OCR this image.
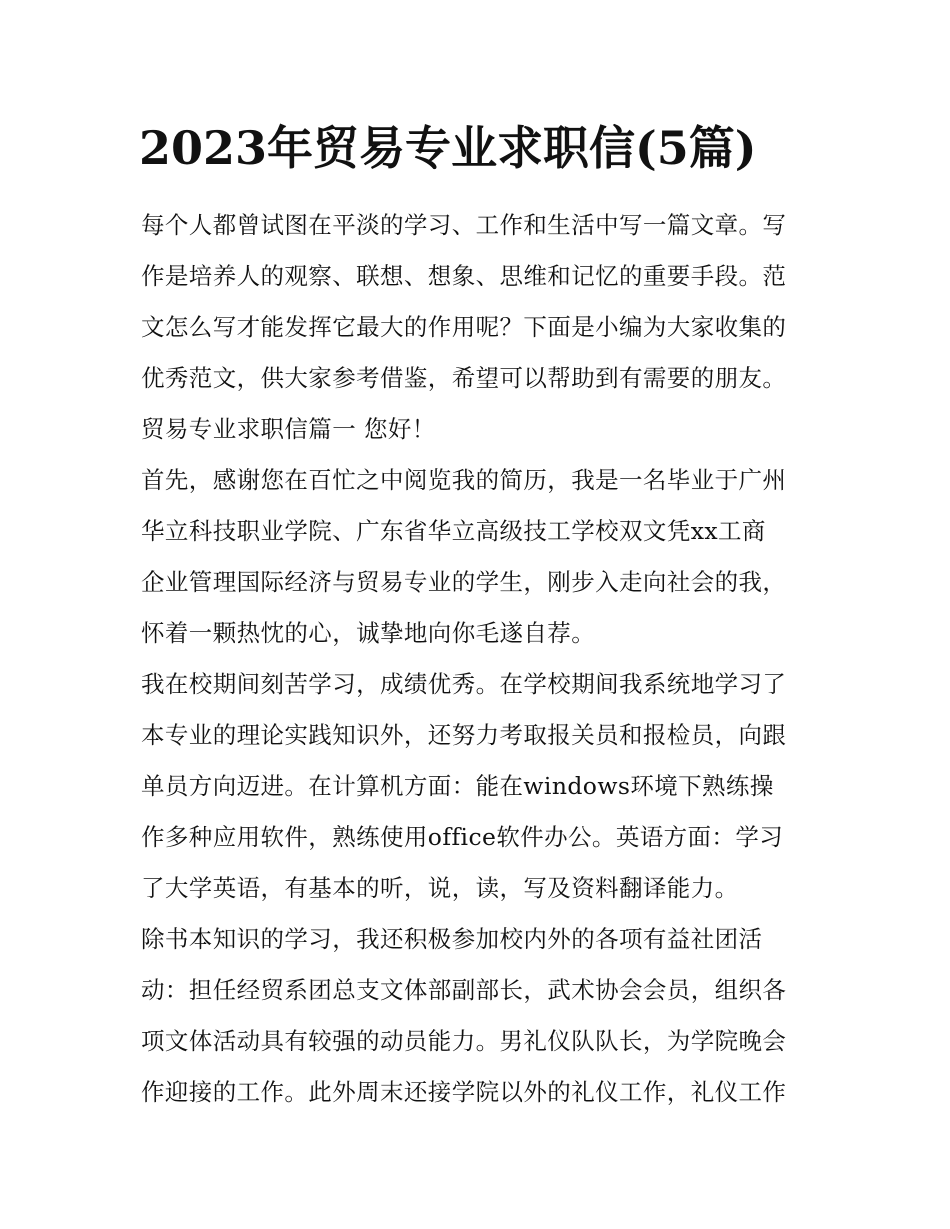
2023年贸易专业求职信(5篇)
每个人都曾试图在平淡的学习、工作和生活中写一篇文章。写
作是培养人的观察、联想、想象、思维和记忆的重要手段。范
文怎么写才能发挥它最大的作用呢？下面是小编为大家收集的
优秀范文，供大家参考借鉴，希望可以帮助到有需要的朋友。
贸易专业求职信篇一 您好！
首先，感谢您在百忙之中阅览我的简历，我是一名毕业于广州
华立科技职业学院、广东省华立高级技工学校双文凭xx工商
企业管理国际经济与贸易专业的学生，刚步入走向社会的我，
怀着一颗热忱的心，诚挚地向你毛遂自荐。
我在校期间刻苦学习，成绩优秀。在学校期间我系统地学习了
本专业的理论实践知识外，还努力考取报关员和报检员，向跟
单员方向迈进。在计算机方面：能在windows环境下熟练操
作多种应用软件，熟练使用office软件办公。英语方面：学习
了大学英语，有基本的听，说，读，写及资料翻译能力。
除书本知识的学习，我还积极参加校内外的各项有益社团活
动：担任经贸系团总支文体部副部长，武术协会会员，组织各
项文体活动具有较强的动员能力。男礼仪队队长，为学院晚会
作迎接的工作。此外周末还接学院以外的礼仪工作，礼仪工作
